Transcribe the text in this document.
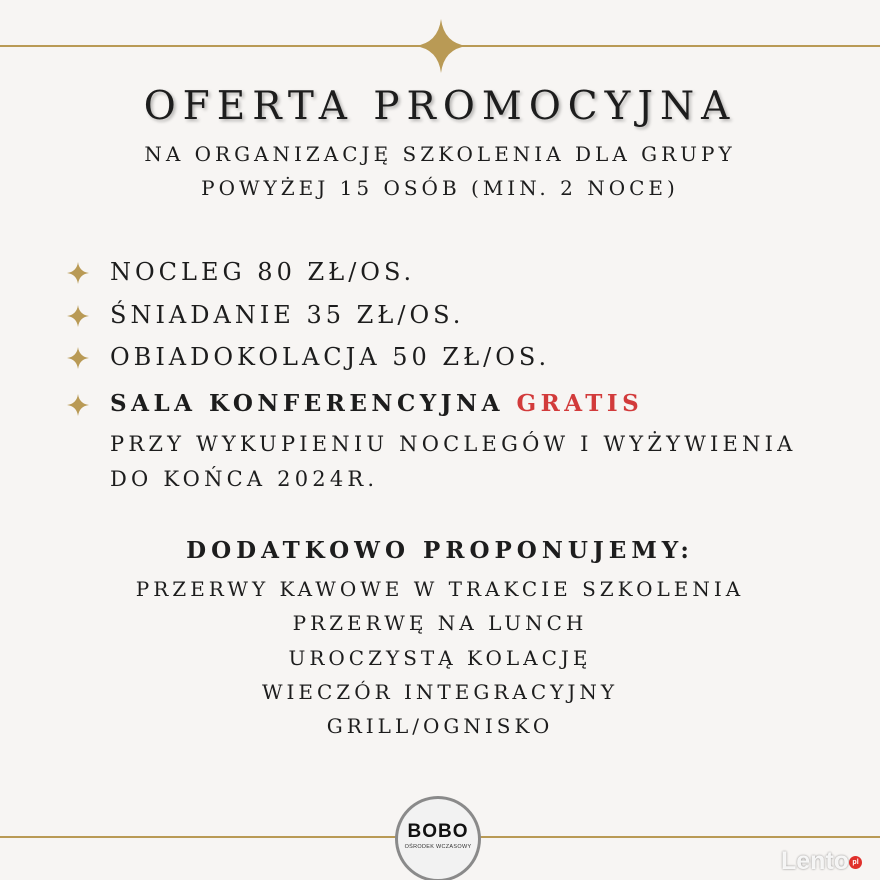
OFERTA PROMOCYJNA
NA ORGANIZACJĘ SZKOLENIA DLA GRUPY
POWYŻEJ 15 OSÓB (MIN. 2 NOCE)
NOCLEG 80 ZŁ/OS.
ŚNIADANIE 35 ZŁ/OS.
OBIADOKOLACJA 50 ZŁ/OS.
SALA KONFERENCYJNA GRATIS
PRZY WYKUPIENIU NOCLEGÓW I WYŻYWIENIA
DO KOŃCA 2024R.
DODATKOWO PROPONUJEMY:
PRZERWY KAWOWE W TRAKCIE SZKOLENIA
PRZERWĘ NA LUNCH
UROCZYSTĄ KOLACJĘ
WIECZÓR INTEGRACYJNY
GRILL/OGNISKO
BOBO
OŚRODEK WCZASOWY	Lento pl
